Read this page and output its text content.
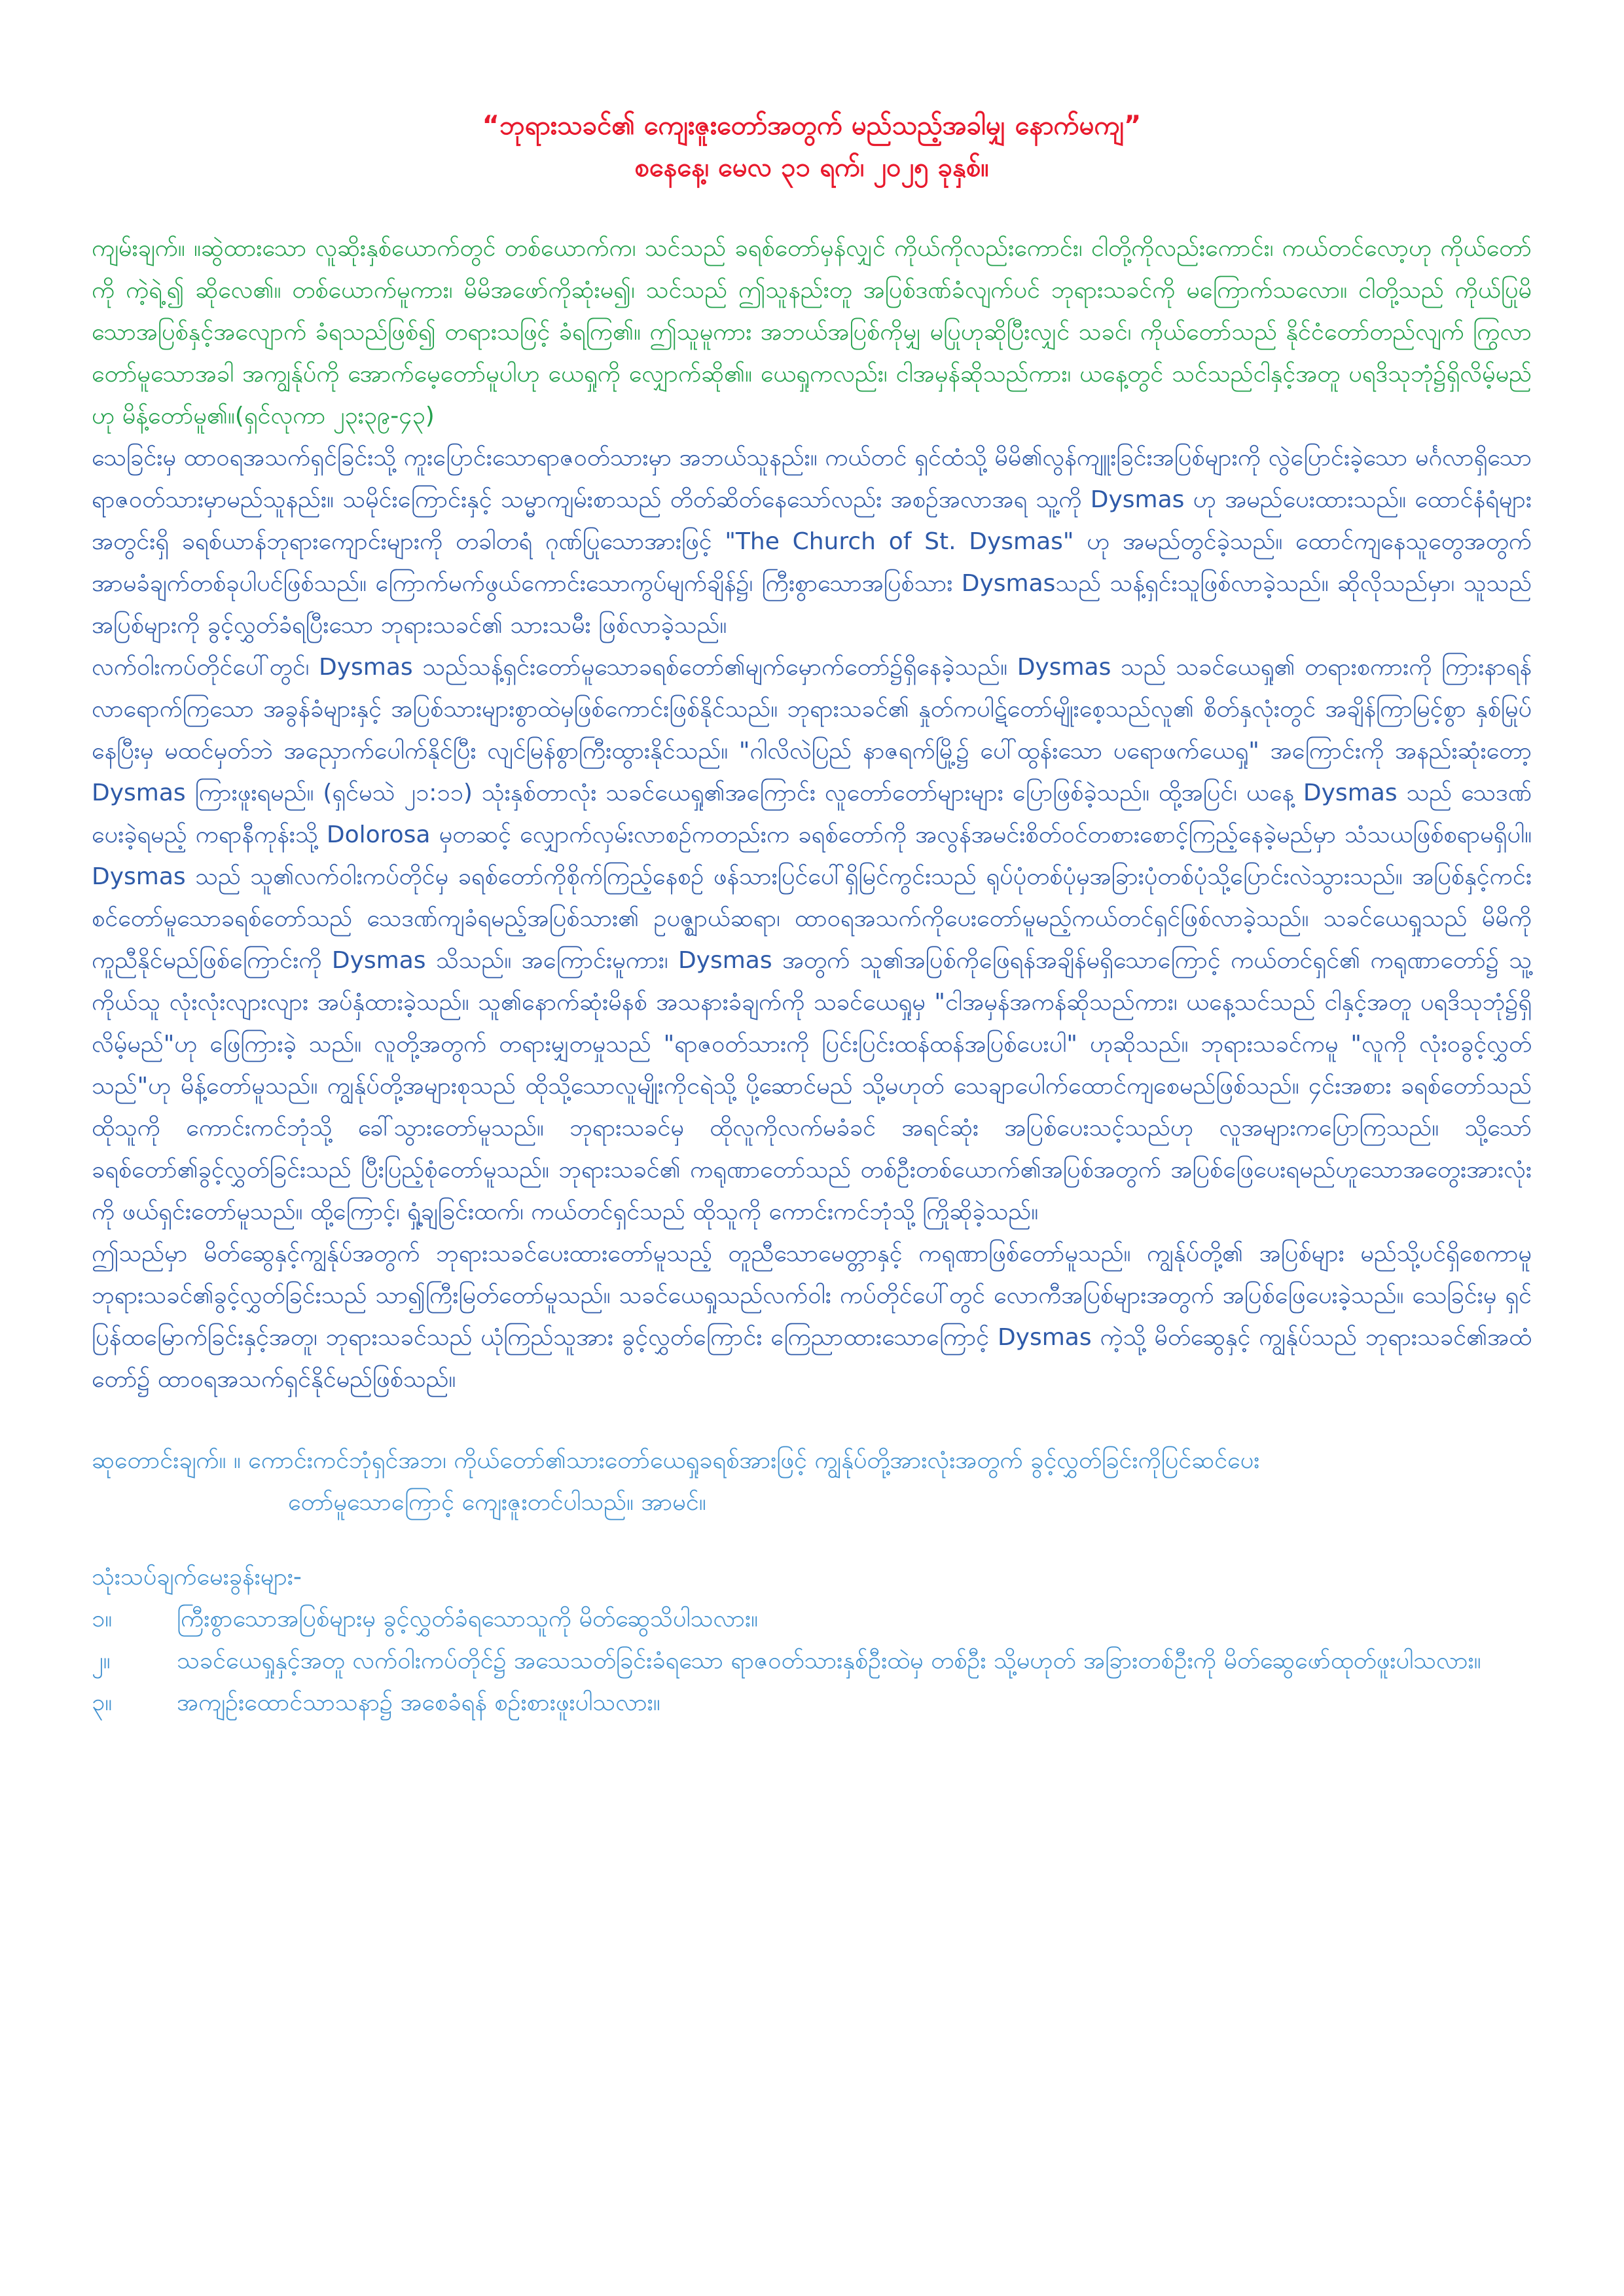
“ဘုရားသခင်၏ ကျေးဇူးတော်အတွက် မည်သည့်အခါမျှ နောက်မကျ”
စနေနေ့၊ မေလ ၃၁ ရက်၊ ၂၀၂၅ ခုနှစ်။
ကျမ်းချက်။ ။ဆွဲထားသော လူဆိုးနှစ်ယောက်တွင် တစ်ယောက်က၊ သင်သည် ခရစ်တော်မှန်လျှင် ကိုယ်ကိုလည်းကောင်း၊ ငါတို့ကိုလည်းကောင်း၊ ကယ်တင်လော့ဟု ကိုယ်တော်ကို ကဲ့ရဲ့၍ ဆိုလေ၏။ တစ်ယောက်မူကား၊ မိမိအဖော်ကိုဆုံးမ၍၊ သင်သည် ဤသူနည်းတူ အပြစ်ဒဏ်ခံလျက်ပင် ဘုရားသခင်ကို မကြောက်သလော။ ငါတို့သည် ကိုယ်ပြုမိသောအပြစ်နှင့်အလျောက် ခံရသည်ဖြစ်၍ တရားသဖြင့် ခံရကြ၏။ ဤသူမူကား အဘယ်အပြစ်ကိုမျှ မပြုဟုဆိုပြီးလျှင် သခင်၊ ကိုယ်တော်သည် နိုင်ငံတော်တည်လျက် ကြွလာတော်မူသောအခါ အကျွန်ုပ်ကို အောက်မေ့တော်မူပါဟု ယေရှုကို လျှောက်ဆို၏။ ယေရှုကလည်း၊ ငါအမှန်ဆိုသည်ကား၊ ယနေ့တွင် သင်သည်ငါနှင့်အတူ ပရဒိသုဘုံ၌ရှိလိမ့်မည်ဟု မိန့်တော်မူ၏။(ရှင်လုကာ ၂၃း၃၉-၄၃)

သေခြင်းမှ ထာဝရအသက်ရှင်ခြင်းသို့ ကူးပြောင်းသောရာဇဝတ်သားမှာ အဘယ်သူနည်း။ ကယ်တင် ရှင်ထံသို့ မိမိ၏လွန်ကျူးခြင်းအပြစ်များကို လွဲပြောင်းခဲ့သော မင်္ဂလာရှိသော ရာဇဝတ်သားမှာမည်သူနည်း။ သမိုင်းကြောင်းနှင့် သမ္မာကျမ်းစာသည် တိတ်ဆိတ်နေသော်လည်း အစဉ်အလာအရ သူ့ကို Dysmas ဟု အမည်ပေးထားသည်။ ထောင်နံရံများအတွင်းရှိ ခရစ်ယာန်ဘုရားကျောင်းများကို တခါတရံ ဂုဏ်ပြုသောအားဖြင့် "The Church of St. Dysmas" ဟု အမည်တွင်ခဲ့သည်။ ထောင်ကျနေသူတွေအတွက် အာမခံချက်တစ်ခုပါပင်ဖြစ်သည်။ ကြောက်မက်ဖွယ်ကောင်းသောကွပ်မျက်ချိန်၌၊ ကြီးစွာသောအပြစ်သား Dysmasသည် သန့်ရှင်းသူဖြစ်လာခဲ့သည်။ ဆိုလိုသည်မှာ၊ သူသည်အပြစ်များကို ခွင့်လွှတ်ခံရပြီးသော ဘုရားသခင်၏ သားသမီး ဖြစ်လာခဲ့သည်။

လက်ဝါးကပ်တိုင်ပေါ်တွင်၊ Dysmas သည်သန့်ရှင်းတော်မူသောခရစ်တော်၏မျက်မှောက်တော်၌ရှိနေခဲ့သည်။ Dysmas သည် သခင်ယေရှု၏ တရားစကားကို ကြားနာရန်လာရောက်ကြသော အခွန်ခံများနှင့် အပြစ်သားများစွာထဲမှဖြစ်ကောင်းဖြစ်နိုင်သည်။ ဘုရားသခင်၏ နှုတ်ကပါဋ်တော်မျိုးစေ့သည်လူ၏ စိတ်နှလုံးတွင် အချိန်ကြာမြင့်စွာ နှစ်မြုပ်နေပြီးမှ မထင်မှတ်ဘဲ အညှောက်ပေါက်နိုင်ပြီး လျင်မြန်စွာကြီးထွားနိုင်သည်။ "ဂါလိလဲပြည် နာဇရက်မြို့၌ ပေါ်ထွန်းသော ပရောဖက်ယေရှု" အကြောင်းကို အနည်းဆုံးတော့ Dysmas ကြားဖူးရမည်။ (ရှင်မသဲ ၂၁:၁၁) သုံးနှစ်တာလုံး သခင်ယေရှု၏အကြောင်း လူတော်တော်များများ ပြောဖြစ်ခဲ့သည်။ ထို့အပြင်၊ ယနေ့ Dysmas သည် သေဒဏ်ပေးခဲ့ရမည့် ကရာနီကုန်းသို့ Dolorosa မှတဆင့် လျှောက်လှမ်းလာစဉ်ကတည်းက ခရစ်တော်ကို အလွန်အမင်းစိတ်ဝင်တစားစောင့်ကြည့်နေခဲ့မည်မှာ သံသယဖြစ်စရာမရှိပါ။ Dysmas သည် သူ၏လက်ဝါးကပ်တိုင်မှ ခရစ်တော်ကိုစိုက်ကြည့်နေစဉ် ဖန်သားပြင်ပေါ်ရှိမြင်ကွင်းသည် ရုပ်ပုံတစ်ပုံမှအခြားပုံတစ်ပုံသို့ပြောင်းလဲသွားသည်။ အပြစ်နှင့်ကင်းစင်တော်မူသောခရစ်တော်သည် သေဒဏ်ကျခံရမည့်အပြစ်သား၏ ဥပဇ္ဈာယ်ဆရာ၊ ထာဝရအသက်ကိုပေးတော်မူမည့်ကယ်တင်ရှင်ဖြစ်လာခဲ့သည်။ သခင်ယေရှုသည် မိမိကိုကူညီနိုင်မည်ဖြစ်ကြောင်းကို Dysmas သိသည်။ အကြောင်းမူကား၊ Dysmas အတွက် သူ၏အပြစ်ကိုဖြေရန်အချိန်မရှိသောကြောင့် ကယ်တင်ရှင်၏ ကရုဏာတော်၌ သူ့ကိုယ်သူ လုံးလုံးလျားလျား အပ်နှံထားခဲ့သည်။ သူ၏နောက်ဆုံးမိနစ် အသနားခံချက်ကို သခင်ယေရှုမှ "ငါအမှန်အကန်ဆိုသည်ကား၊ ယနေ့သင်သည် ငါနှင့်အတူ ပရဒိသုဘုံ၌ရှိလိမ့်မည်"ဟု ဖြေကြားခဲ့ သည်။ လူတို့အတွက် တရားမျှတမှုသည် "ရာဇဝတ်သားကို ပြင်းပြင်းထန်ထန်အပြစ်ပေးပါ" ဟုဆိုသည်။ ဘုရားသခင်ကမူ "လူကို လုံးဝခွင့်လွှတ်သည်"ဟု မိန့်တော်မူသည်။ ကျွန်ုပ်တို့အများစုသည် ထိုသို့သောလူမျိုးကိုငရဲသို့ ပို့ဆောင်မည် သို့မဟုတ် သေချာပေါက်ထောင်ကျစေမည်ဖြစ်သည်။ ၄င်းအစား ခရစ်တော်သည် ထိုသူကို ကောင်းကင်ဘုံသို့ ခေါ်သွားတော်မူသည်။ ဘုရားသခင်မှ ထိုလူကိုလက်မခံခင် အရင်ဆုံး အပြစ်ပေးသင့်သည်ဟု လူအများကပြောကြသည်။ သို့သော် ခရစ်တော်၏ခွင့်လွှတ်ခြင်းသည် ပြီးပြည့်စုံတော်မူသည်။ ဘုရားသခင်၏ ကရုဏာတော်သည် တစ်ဦးတစ်ယောက်၏အပြစ်အတွက် အပြစ်ဖြေပေးရမည်ဟူသောအတွေးအားလုံးကို ဖယ်ရှင်းတော်မူသည်။ ထို့ကြောင့်၊ ရှုံ့ချခြင်းထက်၊ ကယ်တင်ရှင်သည် ထိုသူကို ကောင်းကင်ဘုံသို့ ကြိုဆိုခဲ့သည်။

ဤသည်မှာ မိတ်ဆွေနှင့်ကျွန်ုပ်အတွက် ဘုရားသခင်ပေးထားတော်မူသည့် တူညီသောမေတ္တာနှင့် ကရုဏာဖြစ်တော်မူသည်။ ကျွန်ုပ်တို့၏ အပြစ်များ မည်သို့ပင်ရှိစေကာမူ ဘုရားသခင်၏ခွင့်လွှတ်ခြင်းသည် သာ၍ကြီးမြတ်တော်မူသည်။ သခင်ယေရှုသည်လက်ဝါး ကပ်တိုင်ပေါ်တွင် လောကီအပြစ်များအတွက် အပြစ်ဖြေပေးခဲ့သည်။ သေခြင်းမှ ရှင်ပြန်ထမြောက်ခြင်းနှင့်အတူ၊ ဘုရားသခင်သည် ယုံကြည်သူအား ခွင့်လွှတ်ကြောင်း ကြေညာထားသောကြောင့် Dysmas ကဲ့သို့ မိတ်ဆွေနှင့် ကျွန်ုပ်သည် ဘုရားသခင်၏အထံတော်၌ ထာဝရအသက်ရှင်နိုင်မည်ဖြစ်သည်။

ဆုတောင်းချက်။ ။ ကောင်းကင်ဘုံရှင်အဘ၊ ကိုယ်တော်၏သားတော်ယေရှုခရစ်အားဖြင့် ကျွန်ုပ်တို့အားလုံးအတွက် ခွင့်လွှတ်ခြင်းကိုပြင်ဆင်ပေး
တော်မူသောကြောင့် ကျေးဇူးတင်ပါသည်။ အာမင်။
သုံးသပ်ချက်မေးခွန်းများ-
၁။	ကြီးစွာသောအပြစ်များမှ ခွင့်လွှတ်ခံရသောသူကို မိတ်ဆွေသိပါသလား။
၂။	သခင်ယေရှုနှင့်အတူ လက်ဝါးကပ်တိုင်၌ အသေသတ်ခြင်းခံရသော ရာဇဝတ်သားနှစ်ဦးထဲမှ တစ်ဦး သို့မဟုတ် အခြားတစ်ဦးကို မိတ်ဆွေဖော်ထုတ်ဖူးပါသလား။
၃။	အကျဉ်းထောင်သာသနာ၌ အစေခံရန် စဉ်းစားဖူးပါသလား။
